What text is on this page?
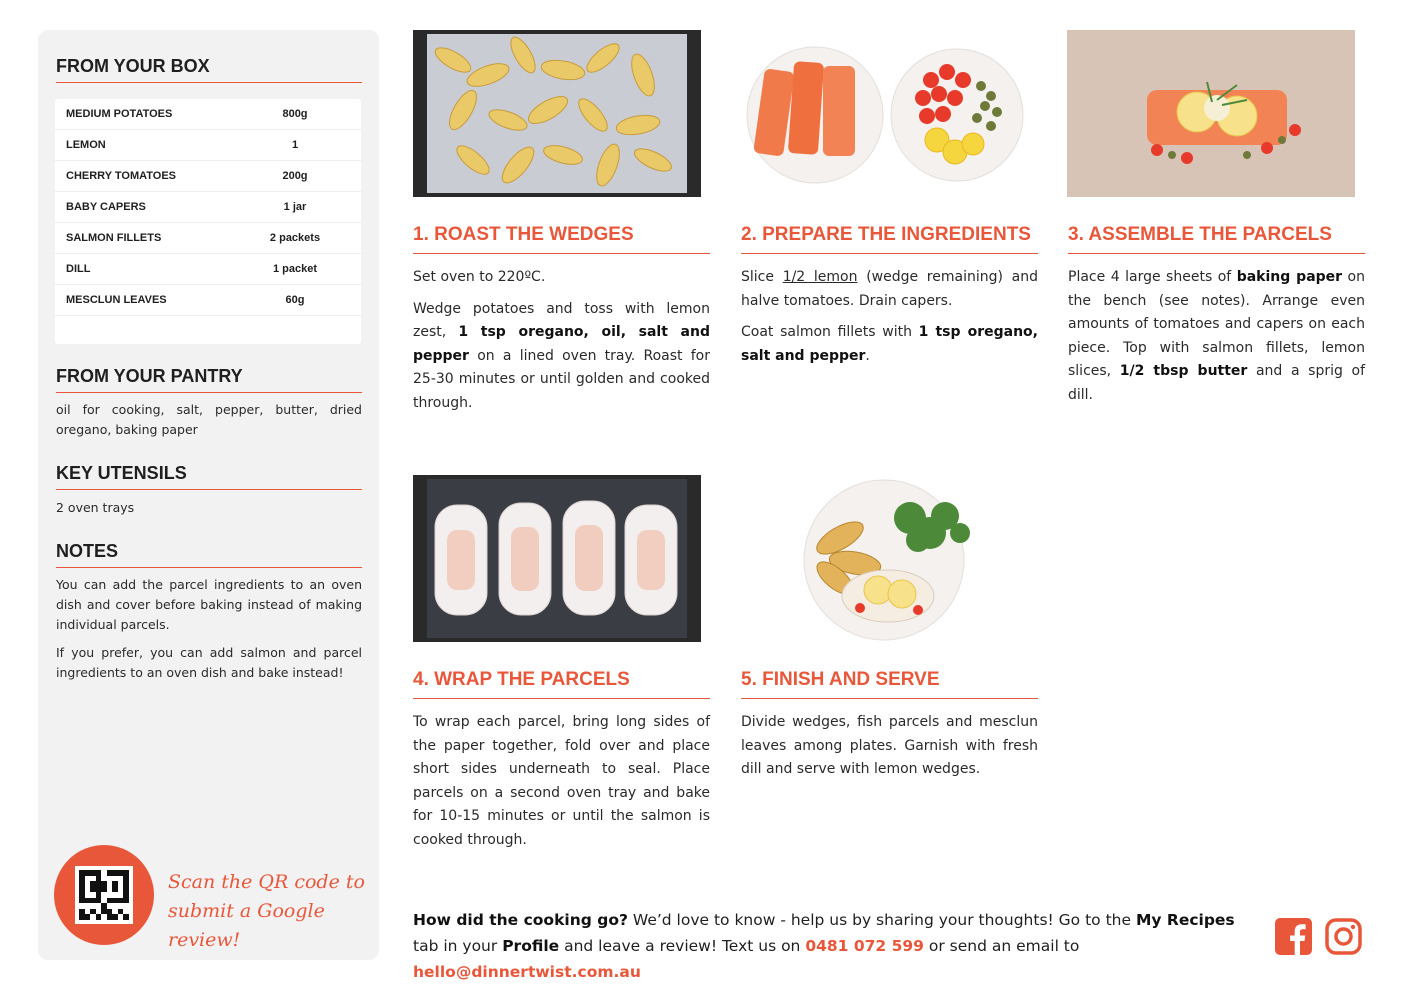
FROM YOUR BOX
MEDIUM POTATOES	800g
LEMON	1
CHERRY TOMATOES	200g
BABY CAPERS	1 jar
SALMON FILLETS	2 packets
DILL	1 packet
MESCLUN LEAVES	60g
FROM YOUR PANTRY
oil for cooking, salt, pepper, butter, dried oregano, baking paper
KEY UTENSILS
2 oven trays
NOTES

You can add the parcel ingredients to an oven dish and cover before baking instead of making individual parcels.

If you prefer, you can add salmon and parcel ingredients to an oven dish and bake instead!

Scan the QR code to
submit a Google review!
1. ROAST THE WEDGES

Set oven to 220ºC.

Wedge potatoes and toss with lemon zest, 1 tsp oregano, oil, salt and pepper on a lined oven tray. Roast for 25-30 minutes or until golden and cooked through.

2. PREPARE THE INGREDIENTS

Slice 1/2 lemon (wedge remaining) and halve tomatoes. Drain capers.

Coat salmon fillets with 1 tsp oregano, salt and pepper.

3. ASSEMBLE THE PARCELS

Place 4 large sheets of baking paper on the bench (see notes). Arrange even amounts of tomatoes and capers on each piece. Top with salmon fillets, lemon slices, 1/2 tbsp butter and a sprig of dill.

4. WRAP THE PARCELS

To wrap each parcel, bring long sides of the paper together, fold over and place short sides underneath to seal. Place parcels on a second oven tray and bake for 10-15 minutes or until the salmon is cooked through.

5. FINISH AND SERVE

Divide wedges, fish parcels and mesclun leaves among plates. Garnish with fresh dill and serve with lemon wedges.

How did the cooking go? We’d love to know - help us by sharing your thoughts! Go to the My Recipes tab in your Profile and leave a review! Text us on 0481 072 599 or send an email to hello@dinnertwist.com.au
